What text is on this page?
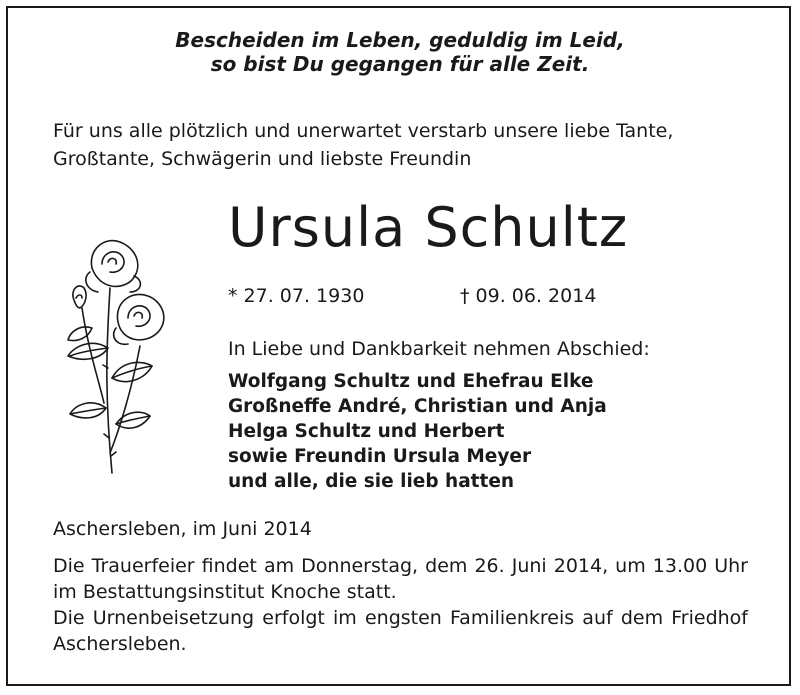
Bescheiden im Leben, geduldig im Leid,
so bist Du gegangen für alle Zeit.
Für uns alle plötzlich und unerwartet verstarb unsere liebe Tante,
Großtante, Schwägerin und liebste Freundin
Ursula Schultz
* 27. 07. 1930	† 09. 06. 2014
In Liebe und Dankbarkeit nehmen Abschied:
Wolfgang Schultz und Ehefrau Elke
Großneffe André, Christian und Anja
Helga Schultz und Herbert
sowie Freundin Ursula Meyer
und alle, die sie lieb hatten
Aschersleben, im Juni 2014

Die Trauerfeier findet am Donnerstag, dem 26. Juni 2014, um 13.00 Uhr im Bestattungsinstitut Knoche statt.

Die Urnenbeisetzung erfolgt im engsten Familienkreis auf dem Friedhof Aschersleben.
